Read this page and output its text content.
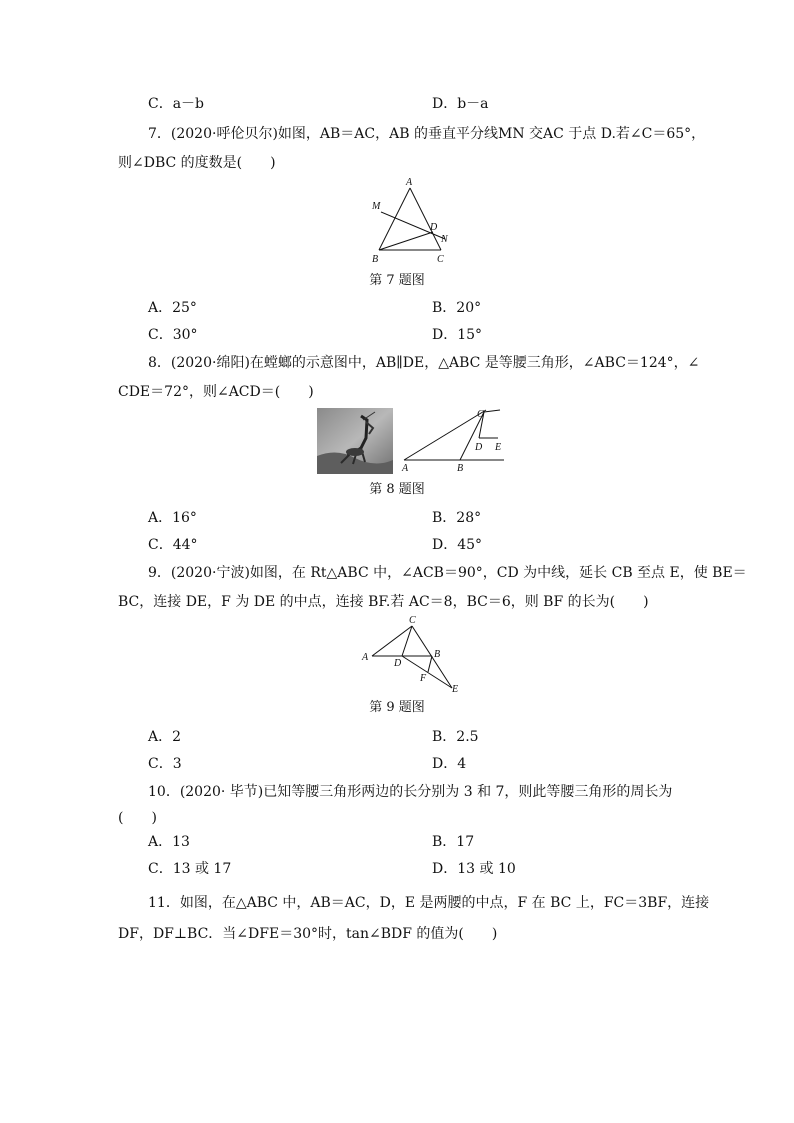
C．a－b	D．b－a
7．(2020·呼伦贝尔)如图，AB＝AC，AB 的垂直平分线MN 交AC 于点 D.若∠C＝65°，
则∠DBC 的度数是(　　)
A
M
D
N
B	C
第 7 题图
A．25°	B．20°
C．30°	D．15°
8．(2020·绵阳)在螳螂的示意图中，AB∥DE，△ABC 是等腰三角形，∠ABC＝124°，∠
CDE＝72°，则∠ACD＝(　　)
C
D E
A	B
第 8 题图
A．16°	B．28°
C．44°	D．45°
9．(2020·宁波)如图，在 Rt△ABC 中，∠ACB＝90°，CD 为中线，延长 CB 至点 E，使 BE＝
BC，连接 DE，F 为 DE 的中点，连接 BF.若 AC＝8，BC＝6，则 BF 的长为(　　)
C
A
D
B
F
E
第 9 题图
A．2	B．2.5
C．3	D．4
10．(2020· 毕节)已知等腰三角形两边的长分别为 3 和 7，则此等腰三角形的周长为
(　　)
A．13	B．17
C．13 或 17	D．13 或 10
11．如图，在△ABC 中，AB＝AC，D，E 是两腰的中点，F 在 BC 上，FC＝3BF，连接
DF，DF⊥BC．当∠DFE＝30°时，tan∠BDF 的值为(　　)
